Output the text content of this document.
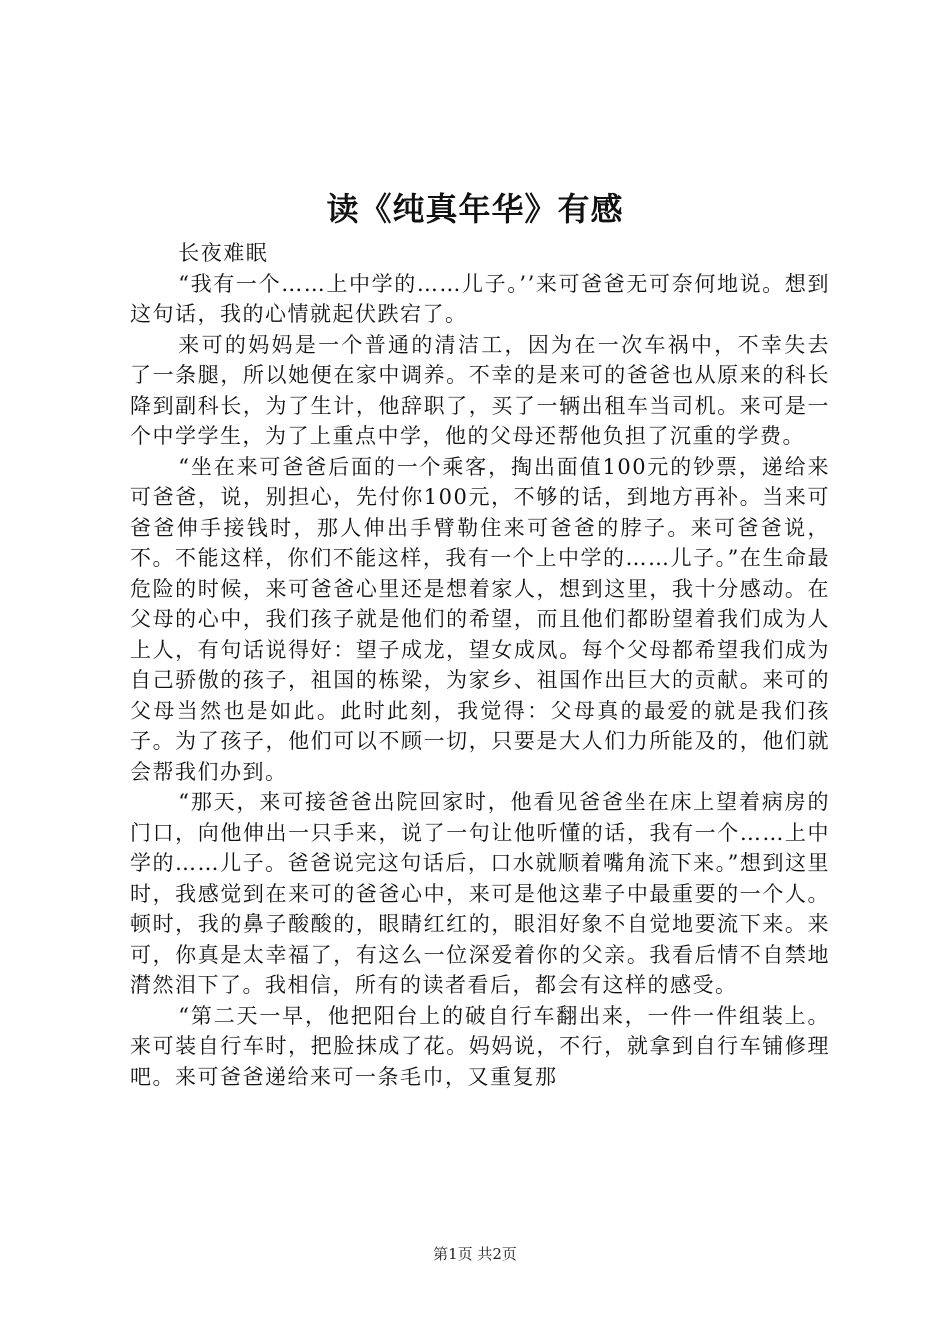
读《纯真年华》有感

长夜难眠

“我有一个……上中学的……儿子。’’来可爸爸无可奈何地说。想到这句话，我的心情就起伏跌宕了。

来可的妈妈是一个普通的清洁工，因为在一次车祸中，不幸失去了一条腿，所以她便在家中调养。不幸的是来可的爸爸也从原来的科长降到副科长，为了生计，他辞职了，买了一辆出租车当司机。来可是一个中学学生，为了上重点中学，他的父母还帮他负担了沉重的学费。

“坐在来可爸爸后面的一个乘客，掏出面值100元的钞票，递给来可爸爸，说，别担心，先付你100元，不够的话，到地方再补。当来可爸爸伸手接钱时，那人伸出手臂勒住来可爸爸的脖子。来可爸爸说，不。不能这样，你们不能这样，我有一个上中学的……儿子。”在生命最危险的时候，来可爸爸心里还是想着家人，想到这里，我十分感动。在父母的心中，我们孩子就是他们的希望，而且他们都盼望着我们成为人上人，有句话说得好：望子成龙，望女成凤。每个父母都希望我们成为自己骄傲的孩子，祖国的栋梁，为家乡、祖国作出巨大的贡献。来可的父母当然也是如此。此时此刻，我觉得：父母真的最爱的就是我们孩子。为了孩子，他们可以不顾一切，只要是大人们力所能及的，他们就会帮我们办到。

“那天，来可接爸爸出院回家时，他看见爸爸坐在床上望着病房的门口，向他伸出一只手来，说了一句让他听懂的话，我有一个……上中学的……儿子。爸爸说完这句话后，口水就顺着嘴角流下来。”想到这里时，我感觉到在来可的爸爸心中，来可是他这辈子中最重要的一个人。顿时，我的鼻子酸酸的，眼睛红红的，眼泪好象不自觉地要流下来。来可，你真是太幸福了，有这么一位深爱着你的父亲。我看后情不自禁地潸然泪下了。我相信，所有的读者看后，都会有这样的感受。

“第二天一早，他把阳台上的破自行车翻出来，一件一件组装上。来可装自行车时，把脸抹成了花。妈妈说，不行，就拿到自行车铺修理吧。来可爸爸递给来可一条毛巾，又重复那

第1页 共2页
